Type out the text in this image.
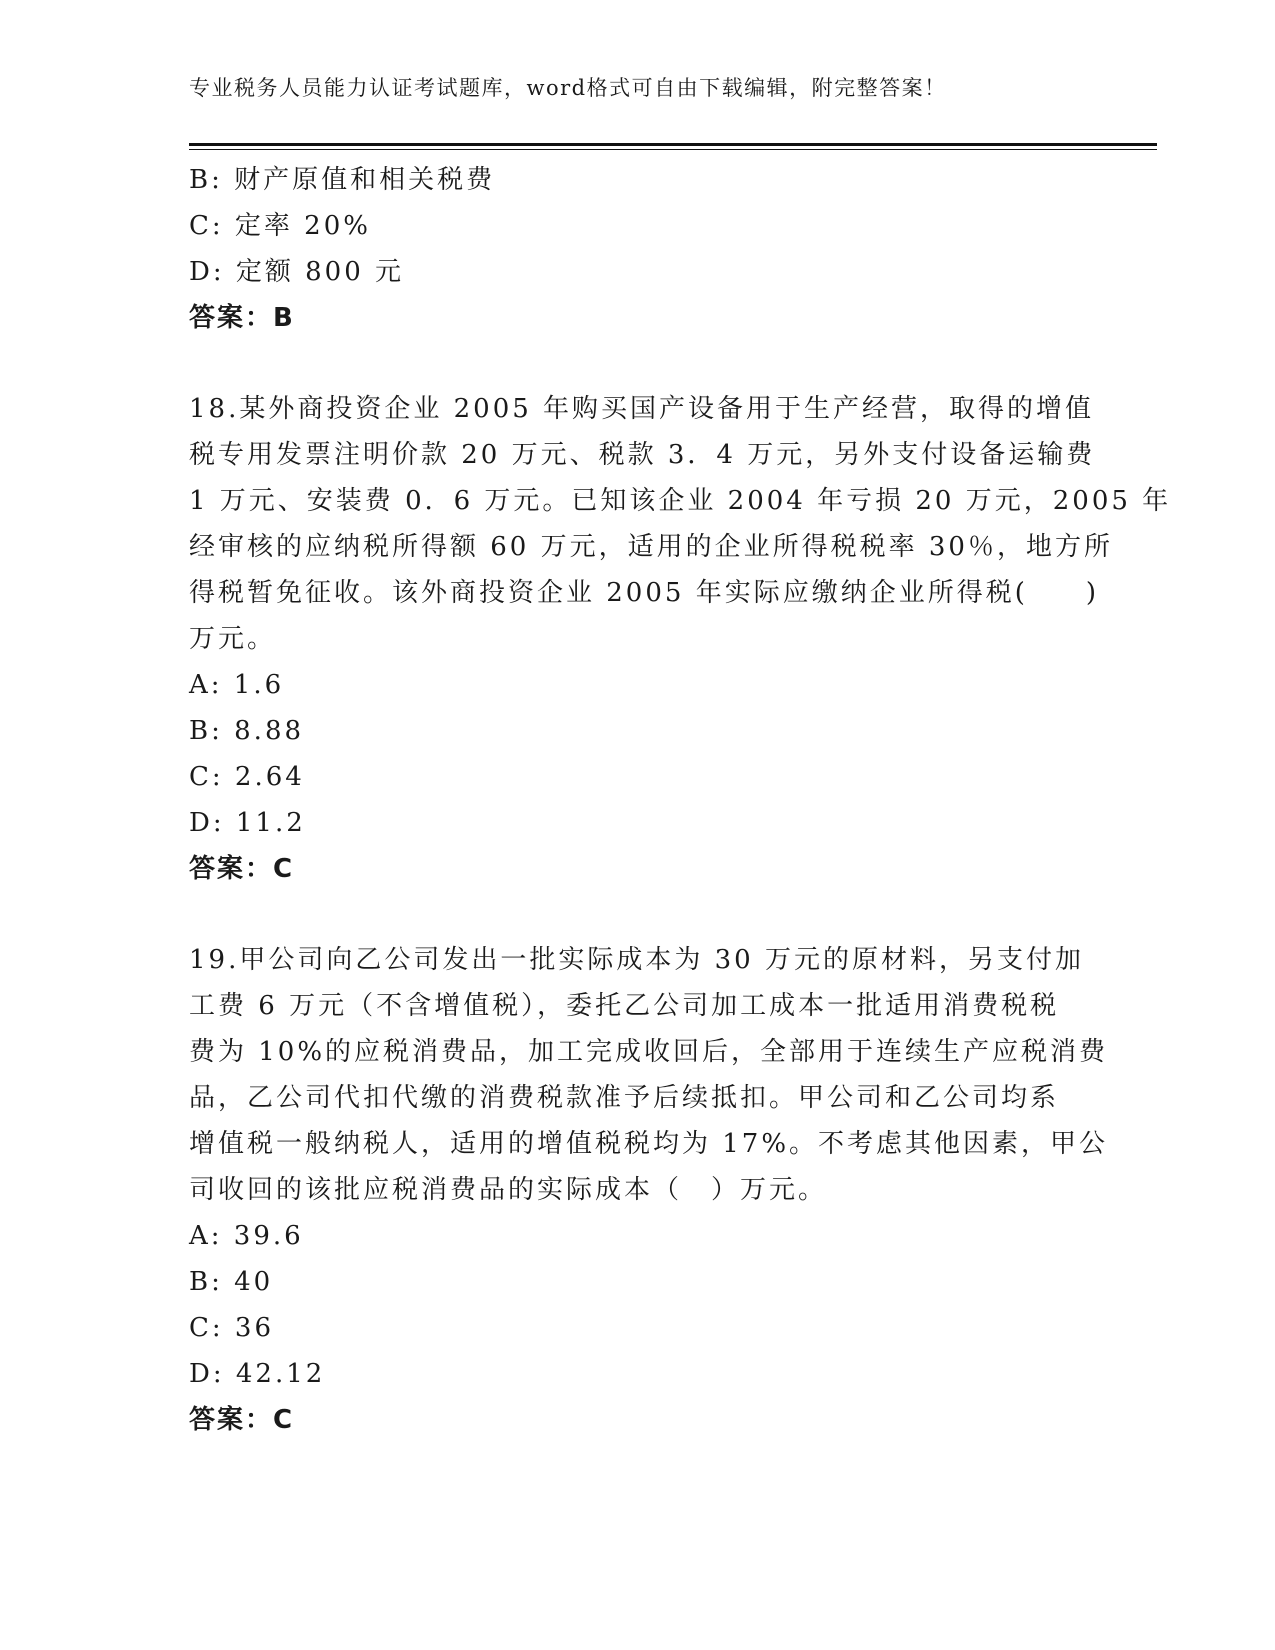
专业税务人员能力认证考试题库，word格式可自由下载编辑，附完整答案！
B: 财产原值和相关税费
C: 定率 20%
D: 定额 800 元
答案：B
18.某外商投资企业 2005 年购买国产设备用于生产经营，取得的增值
税专用发票注明价款 20 万元、税款 3．4 万元，另外支付设备运输费
1 万元、安装费 0．6 万元。已知该企业 2004 年亏损 20 万元，2005 年
经审核的应纳税所得额 60 万元，适用的企业所得税税率 30％，地方所
得税暂免征收。该外商投资企业 2005 年实际应缴纳企业所得税(　　)
万元。
A: 1.6
B: 8.88
C: 2.64
D: 11.2
答案：C
19.甲公司向乙公司发出一批实际成本为 30 万元的原材料，另支付加
工费 6 万元（不含增值税），委托乙公司加工成本一批适用消费税税
费为 10%的应税消费品，加工完成收回后，全部用于连续生产应税消费
品，乙公司代扣代缴的消费税款准予后续抵扣。甲公司和乙公司均系
增值税一般纳税人，适用的增值税税均为 17%。不考虑其他因素，甲公
司收回的该批应税消费品的实际成本（　）万元。
A: 39.6
B: 40
C: 36
D: 42.12
答案：C
